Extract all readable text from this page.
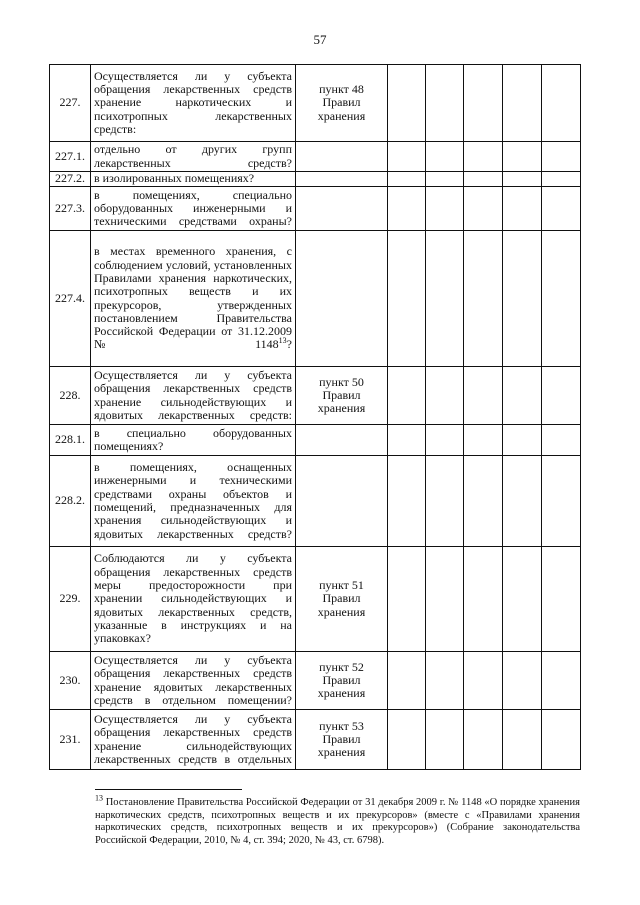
57
227.	Осуществляется ли у субъекта обращения лекарственных средств хранение наркотических и психотропных лекарственных средств:	пункт 48 Правил хранения					
227.1.	отдельно от других групп лекарственных средств?						
227.2.	в изолированных помещениях?						
227.3.	в помещениях, специально оборудованных инженерными и техническими средствами охраны?						
227.4.	в местах временного хранения, с соблюдением условий, установленных Правилами хранения наркотических, психотропных веществ и их прекурсоров, утвержденных постановлением Правительства Российской Федерации от 31.12.2009 № 1148$^{13}$?						
228.	Осуществляется ли у субъекта обращения лекарственных средств хранение сильнодействующих и ядовитых лекарственных средств:	пункт 50 Правил хранения					
228.1.	в специально оборудованных помещениях?						
228.2.	в помещениях, оснащенных инженерными и техническими средствами охраны объектов и помещений, предназначенных для хранения сильнодействующих и ядовитых лекарственных средств?						
229.	Соблюдаются ли у субъекта обращения лекарственных средств меры предосторожности при хранении сильнодействующих и ядовитых лекарственных средств, указанные в инструкциях и на упаковках?	пункт 51 Правил хранения					
230.	Осуществляется ли у субъекта обращения лекарственных средств хранение ядовитых лекарственных средств в отдельном помещении?	пункт 52 Правил хранения					
231.	Осуществляется ли у субъекта обращения лекарственных средств хранение сильнодействующих лекарственных средств в отдельных	пункт 53 Правил хранения					
$^{13}$ Постановление Правительства Российской Федерации от 31 декабря 2009 г. № 1148 «О порядке хранения наркотических средств, психотропных веществ и их прекурсоров» (вместе с «Правилами хранения наркотических средств, психотропных веществ и их прекурсоров») (Собрание законодательства Российской Федерации, 2010, № 4, ст. 394; 2020, № 43, ст. 6798).
